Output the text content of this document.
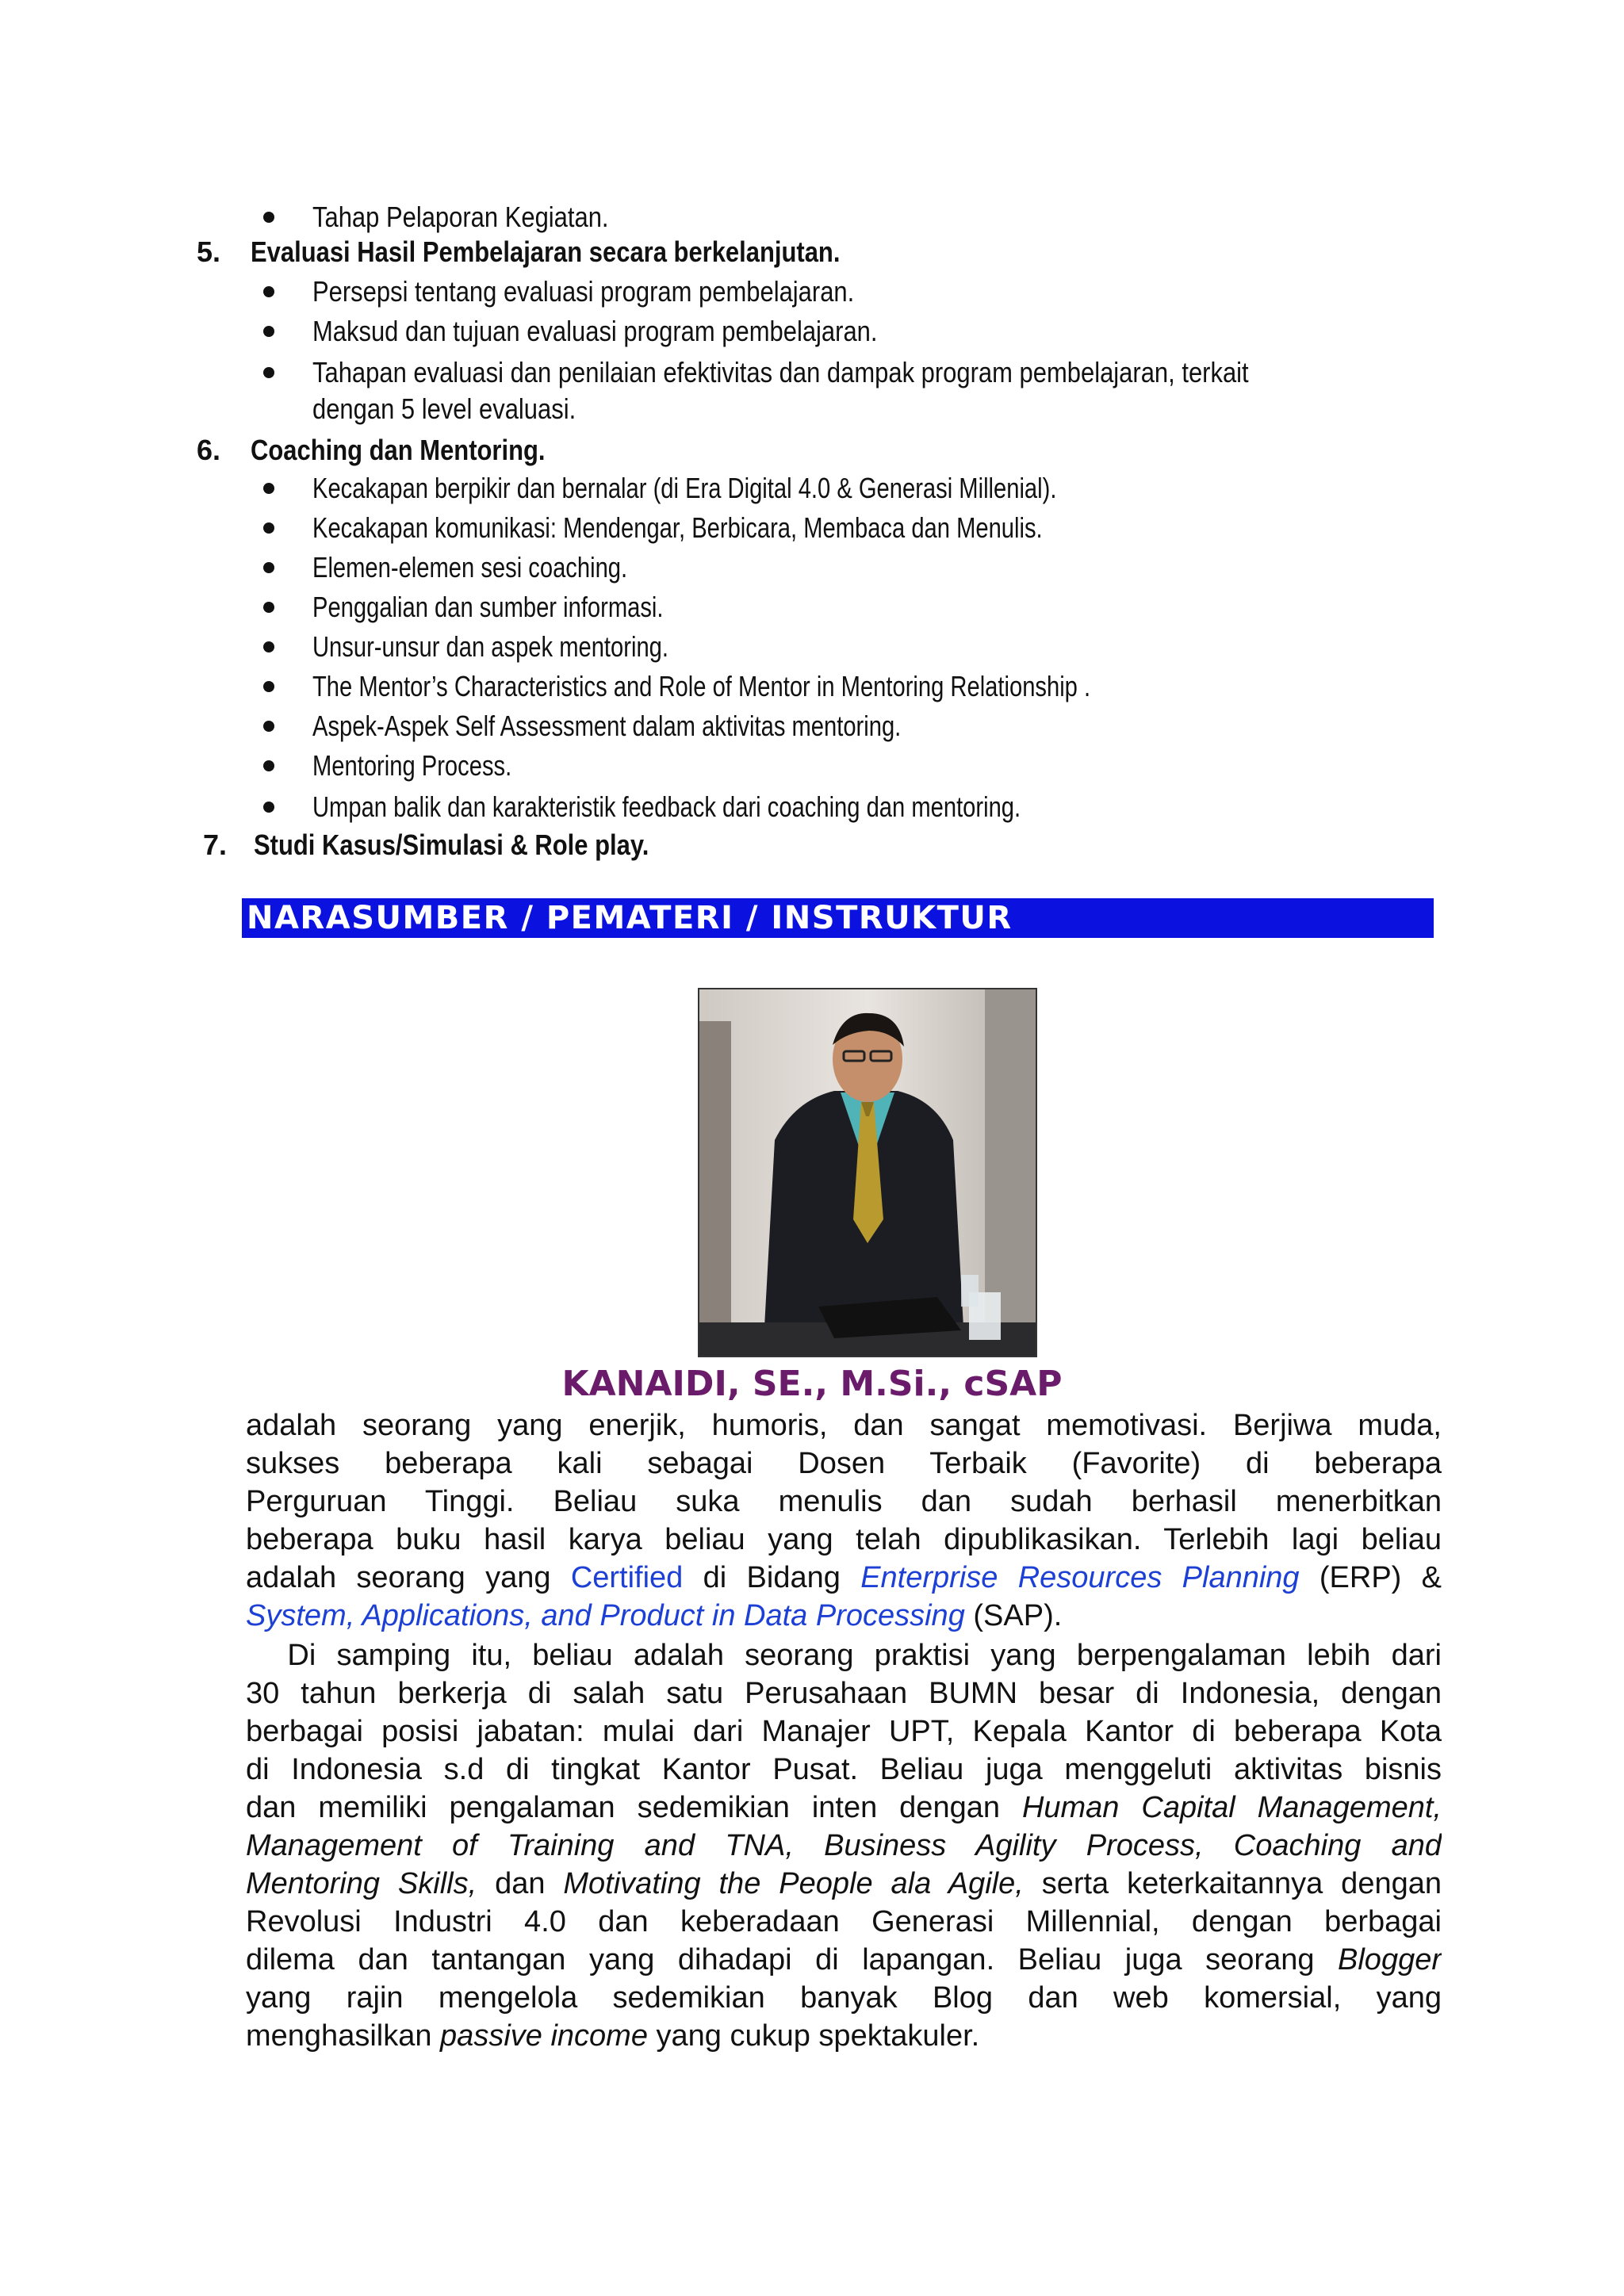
Tahap Pelaporan Kegiatan.
5. Evaluasi Hasil Pembelajaran secara berkelanjutan.
Persepsi tentang evaluasi program pembelajaran.
Maksud dan tujuan evaluasi program pembelajaran.
Tahapan evaluasi dan penilaian efektivitas dan dampak program pembelajaran, terkait
dengan 5 level evaluasi.
6. Coaching dan Mentoring.
Kecakapan berpikir dan bernalar (di Era Digital 4.0 & Generasi Millenial).
Kecakapan komunikasi: Mendengar, Berbicara, Membaca dan Menulis.
Elemen-elemen sesi coaching.
Penggalian dan sumber informasi.
Unsur-unsur dan aspek mentoring.
The Mentor’s Characteristics and Role of Mentor in Mentoring Relationship .
Aspek-Aspek Self Assessment dalam aktivitas mentoring.
Mentoring Process.
Umpan balik dan karakteristik feedback dari coaching dan mentoring.
7. Studi Kasus/Simulasi & Role play.
NARASUMBER / PEMATERI / INSTRUKTUR
KANAIDI, SE., M.Si., cSAP
adalah seorang yang enerjik, humoris, dan sangat memotivasi. Berjiwa muda,
sukses beberapa kali sebagai Dosen Terbaik (Favorite) di beberapa
Perguruan Tinggi. Beliau suka menulis dan sudah berhasil menerbitkan
beberapa buku hasil karya beliau yang telah dipublikasikan. Terlebih lagi beliau
adalah seorang yang Certified di Bidang Enterprise Resources Planning (ERP) &
System, Applications, and Product in Data Processing (SAP).
Di  samping  itu,  beliau  adalah  seorang  praktisi  yang  berpengalaman  lebih  dari
30 tahun berkerja di salah satu Perusahaan BUMN besar di Indonesia, dengan
berbagai posisi jabatan: mulai dari Manajer UPT, Kepala Kantor di beberapa Kota
di Indonesia s.d di tingkat Kantor Pusat. Beliau juga menggeluti aktivitas bisnis
dan memiliki pengalaman sedemikian inten dengan Human Capital Management,
Management of Training and TNA, Business Agility Process, Coaching and
Mentoring Skills, dan Motivating the People ala Agile, serta keterkaitannya dengan
Revolusi Industri 4.0 dan keberadaan Generasi Millennial, dengan berbagai
dilema dan tantangan yang dihadapi di lapangan. Beliau juga seorang Blogger
yang rajin mengelola sedemikian banyak Blog dan web komersial, yang
menghasilkan passive income yang cukup spektakuler.
